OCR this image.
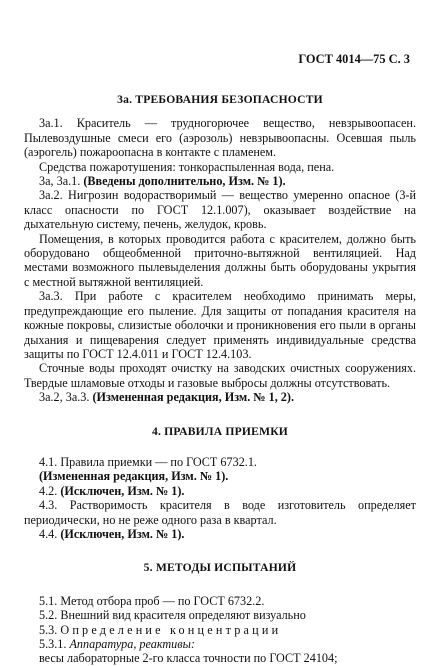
ГОСТ 4014—75 С. 3
3а. ТРЕБОВАНИЯ БЕЗОПАСНОСТИ

3а.1. Краситель — трудногорючее вещество, невзрывоопасен. Пылевоздушные смеси его (аэрозоль) невзрывоопасны. Осевшая пыль (аэрогель) пожароопасна в контакте с пламенем.

Средства пожаротушения: тонкораспыленная вода, пена.

3а, 3а.1. (Введены дополнительно, Изм. № 1).

3а.2. Нигрозин водорастворимый — вещество умеренно опасное (3-й класс опасности по ГОСТ 12.1.007), оказывает воздействие на дыхательную систему, печень, желудок, кровь.

Помещения, в которых проводится работа с красителем, должно быть оборудовано общеобменной приточно-вытяжной вентиляцией. Над местами возможного пылевыделения должны быть оборудованы укрытия с местной вытяжной вентиляцией.

3а.3. При работе с красителем необходимо принимать меры, предупреждающие его пыление. Для защиты от попадания красителя на кожные покровы, слизистые оболочки и проникновения его пыли в органы дыхания и пищеварения следует применять индивидуальные средства защиты по ГОСТ 12.4.011 и ГОСТ 12.4.103.

Сточные воды проходят очистку на заводских очистных сооружениях. Твердые шламовые отходы и газовые выбросы должны отсутствовать.

3а.2, 3а.3. (Измененная редакция, Изм. № 1, 2).

4. ПРАВИЛА ПРИЕМКИ

4.1. Правила приемки — по ГОСТ 6732.1.

(Измененная редакция, Изм. № 1).

4.2. (Исключен, Изм. № 1).

4.3. Растворимость красителя в воде изготовитель определяет периодически, но не реже одного раза в квартал.

4.4. (Исключен, Изм. № 1).

5. МЕТОДЫ ИСПЫТАНИЙ

5.1. Метод отбора проб — по ГОСТ 6732.2.

5.2. Внешний вид красителя определяют визуально

5.3. Определение концентрации

5.3.1. Аппаратура, реактивы:

весы лабораторные 2-го класса точности по ГОСТ 24104;
